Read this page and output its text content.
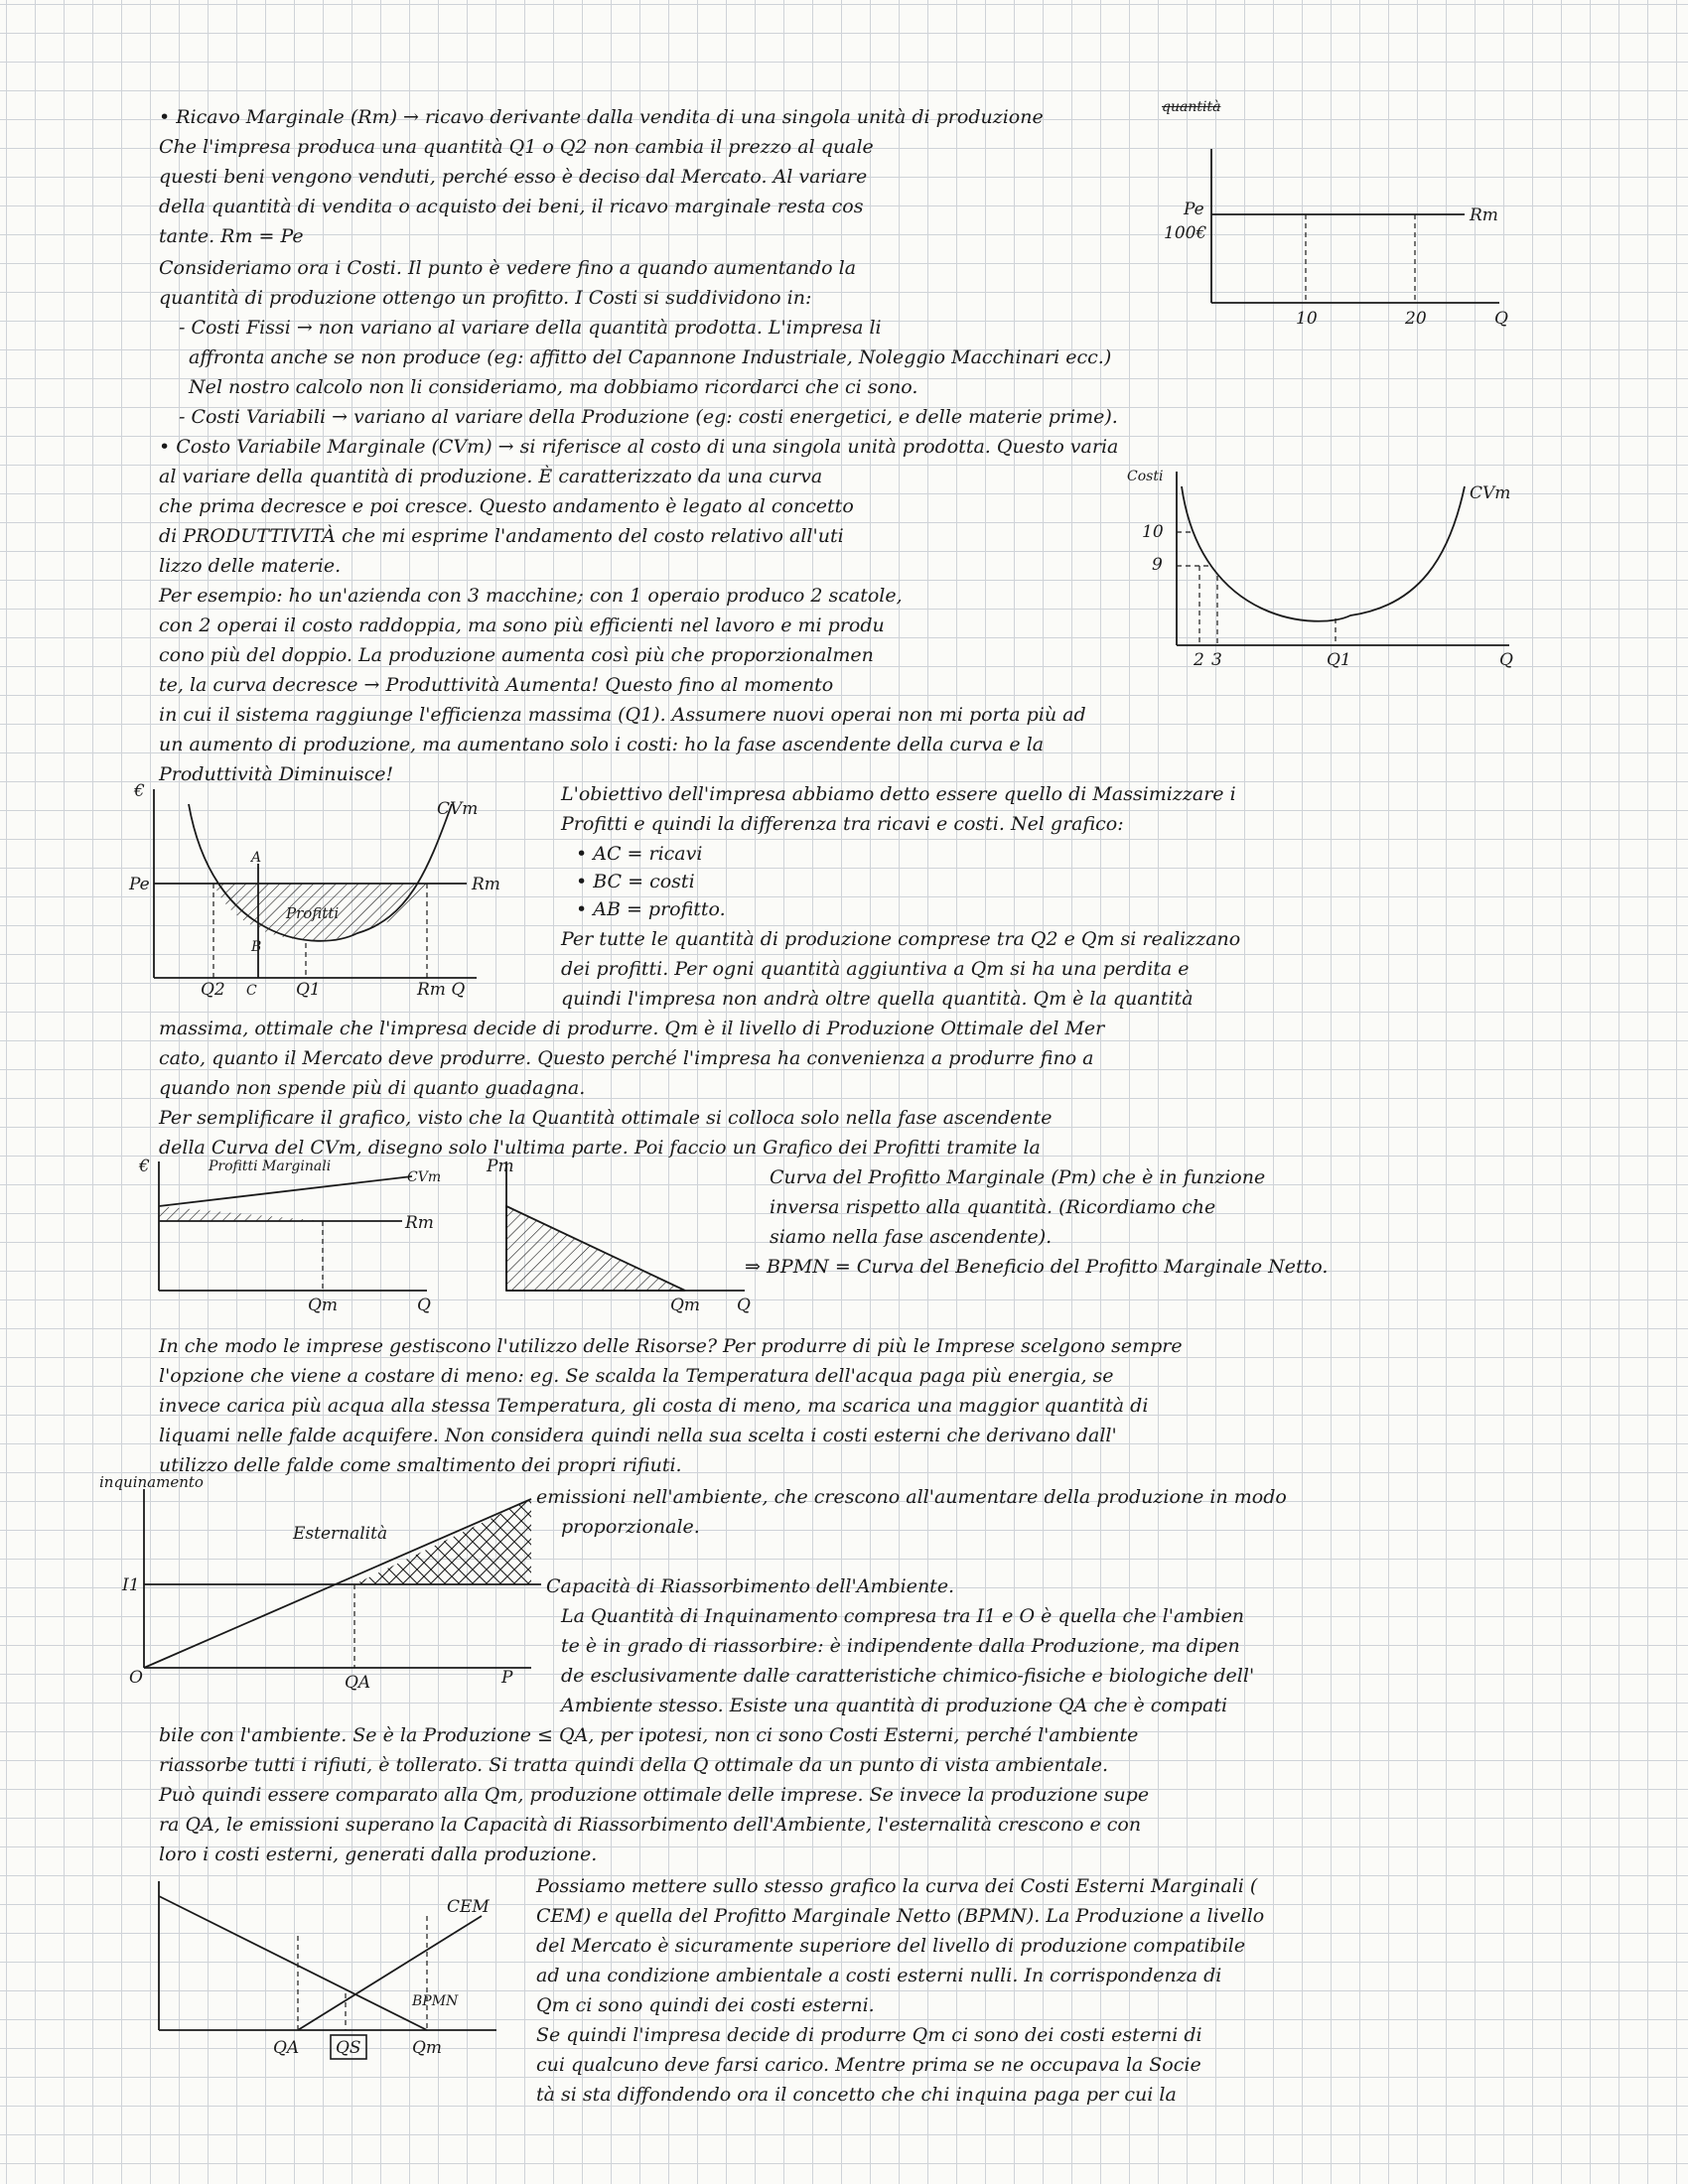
• Ricavo Marginale (Rm) → ricavo derivante dalla vendita di una singola unità di produzione	quantità

Che l'impresa produca una quantità Q1 o Q2 non cambia il prezzo al quale

questi beni vengono venduti, perché esso è deciso dal Mercato. Al variare

della quantità di vendita o acquisto dei beni, il ricavo marginale resta cos

tante. Rm = Pe

Consideriamo ora i Costi. Il punto è vedere fino a quando aumentando la

quantità di produzione ottengo un profitto. I Costi si suddividono in:

- Costi Fissi → non variano al variare della quantità prodotta. L'impresa li

affronta anche se non produce (eg: affitto del Capannone Industriale, Noleggio Macchinari ecc.)

Nel nostro calcolo non li consideriamo, ma dobbiamo ricordarci che ci sono.

- Costi Variabili → variano al variare della Produzione (eg: costi energetici, e delle materie prime).

• Costo Variabile Marginale (CVm) → si riferisce al costo di una singola unità prodotta. Questo varia

al variare della quantità di produzione. È caratterizzato da una curva

che prima decresce e poi cresce. Questo andamento è legato al concetto

di PRODUTTIVITÀ che mi esprime l'andamento del costo relativo all'uti

lizzo delle materie.

Per esempio: ho un'azienda con 3 macchine; con 1 operaio produco 2 scatole,

con 2 operai il costo raddoppia, ma sono più efficienti nel lavoro e mi produ

cono più del doppio. La produzione aumenta così più che proporzionalmen

te, la curva decresce → Produttività Aumenta! Questo fino al momento

in cui il sistema raggiunge l'efficienza massima (Q1). Assumere nuovi operai non mi porta più ad

un aumento di produzione, ma aumentano solo i costi: ho la fase ascendente della curva e la

Produttività Diminuisce!

Pe
100€
Rm
10	20	Q
Costi
10
9
CVm
2 3	Q1	Q

L'obiettivo dell'impresa abbiamo detto essere quello di Massimizzare i

Profitti e quindi la differenza tra ricavi e costi. Nel grafico:

• AC = ricavi

• BC = costi

• AB = profitto.

Per tutte le quantità di produzione comprese tra Q2 e Qm si realizzano

dei profitti. Per ogni quantità aggiuntiva a Qm si ha una perdita e

quindi l'impresa non andrà oltre quella quantità. Qm è la quantità

massima, ottimale che l'impresa decide di produrre. Qm è il livello di Produzione Ottimale del Mer

cato, quanto il Mercato deve produrre. Questo perché l'impresa ha convenienza a produrre fino a

quando non spende più di quanto guadagna.

Per semplificare il grafico, visto che la Quantità ottimale si colloca solo nella fase ascendente

della Curva del CVm, disegno solo l'ultima parte. Poi faccio un Grafico dei Profitti tramite la

Curva del Profitto Marginale (Pm) che è in funzione

inversa rispetto alla quantità. (Ricordiamo che

siamo nella fase ascendente).

⇒ BPMN = Curva del Beneficio del Profitto Marginale Netto.

€
Pe
CVm
Rm
Profitti
A
B
C
Q2	Q1	Rm Q
€	Profitti Marginali
CVm
Rm
Qm	Q
Pm
Qm Q

In che modo le imprese gestiscono l'utilizzo delle Risorse? Per produrre di più le Imprese scelgono sempre

l'opzione che viene a costare di meno: eg. Se scalda la Temperatura dell'acqua paga più energia, se

invece carica più acqua alla stessa Temperatura, gli costa di meno, ma scarica una maggior quantità di

liquami nelle falde acquifere. Non considera quindi nella sua scelta i costi esterni che derivano dall'

utilizzo delle falde come smaltimento dei propri rifiuti.

emissioni nell'ambiente, che crescono all'aumentare della produzione in modo

proporzionale.

Capacità di Riassorbimento dell'Ambiente.

La Quantità di Inquinamento compresa tra I1 e O è quella che l'ambien

te è in grado di riassorbire: è indipendente dalla Produzione, ma dipen

de esclusivamente dalle caratteristiche chimico-fisiche e biologiche dell'

Ambiente stesso. Esiste una quantità di produzione QA che è compati

bile con l'ambiente. Se è la Produzione ≤ QA, per ipotesi, non ci sono Costi Esterni, perché l'ambiente

riassorbe tutti i rifiuti, è tollerato. Si tratta quindi della Q ottimale da un punto di vista ambientale.

Può quindi essere comparato alla Qm, produzione ottimale delle imprese. Se invece la produzione supe

ra QA, le emissioni superano la Capacità di Riassorbimento dell'Ambiente, l'esternalità crescono e con

loro i costi esterni, generati dalla produzione.

inquinamento
I1
Esternalità
O	QA	P

Possiamo mettere sullo stesso grafico la curva dei Costi Esterni Marginali (

CEM) e quella del Profitto Marginale Netto (BPMN). La Produzione a livello

del Mercato è sicuramente superiore del livello di produzione compatibile

ad una condizione ambientale a costi esterni nulli. In corrispondenza di

Qm ci sono quindi dei costi esterni.

Se quindi l'impresa decide di produrre Qm ci sono dei costi esterni di

cui qualcuno deve farsi carico. Mentre prima se ne occupava la Socie

tà si sta diffondendo ora il concetto che chi inquina paga per cui la

CEM
BPMN
QA QS	Qm
